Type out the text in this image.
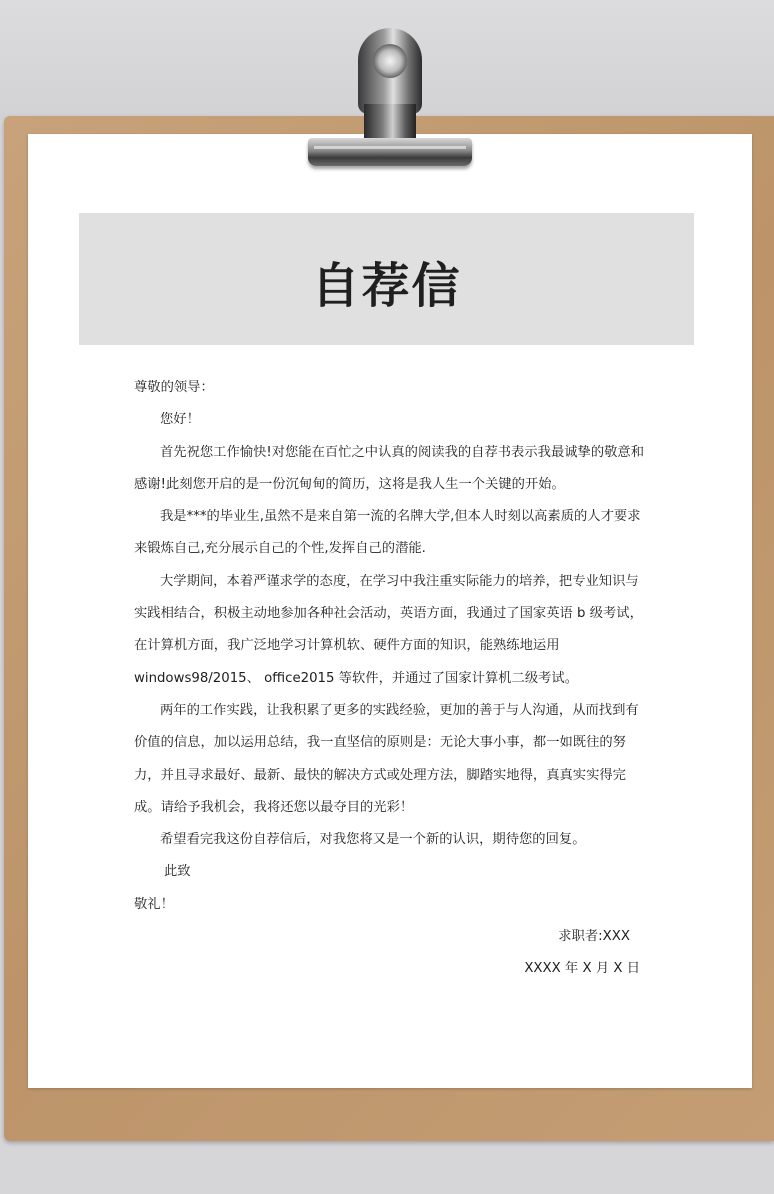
自荐信

尊敬的领导：

您好！

首先祝您工作愉快!对您能在百忙之中认真的阅读我的自荐书表示我最诚挚的敬意和感谢!此刻您开启的是一份沉甸甸的简历，这将是我人生一个关键的开始。

我是***的毕业生,虽然不是来自第一流的名牌大学,但本人时刻以高素质的人才要求来锻炼自己,充分展示自己的个性,发挥自己的潜能.

大学期间，本着严谨求学的态度，在学习中我注重实际能力的培养，把专业知识与实践相结合，积极主动地参加各种社会活动，英语方面，我通过了国家英语 b 级考试，在计算机方面，我广泛地学习计算机软、硬件方面的知识，能熟练地运用 windows98/2015、 office2015 等软件，并通过了国家计算机二级考试。

两年的工作实践，让我积累了更多的实践经验，更加的善于与人沟通，从而找到有价值的信息，加以运用总结，我一直坚信的原则是：无论大事小事，都一如既往的努力，并且寻求最好、最新、最快的解决方式或处理方法，脚踏实地得，真真实实得完成。请给予我机会，我将还您以最夺目的光彩！

希望看完我这份自荐信后，对我您将又是一个新的认识，期待您的回复。

此致

敬礼！

求职者:XXX

XXXX 年 X 月 X 日
